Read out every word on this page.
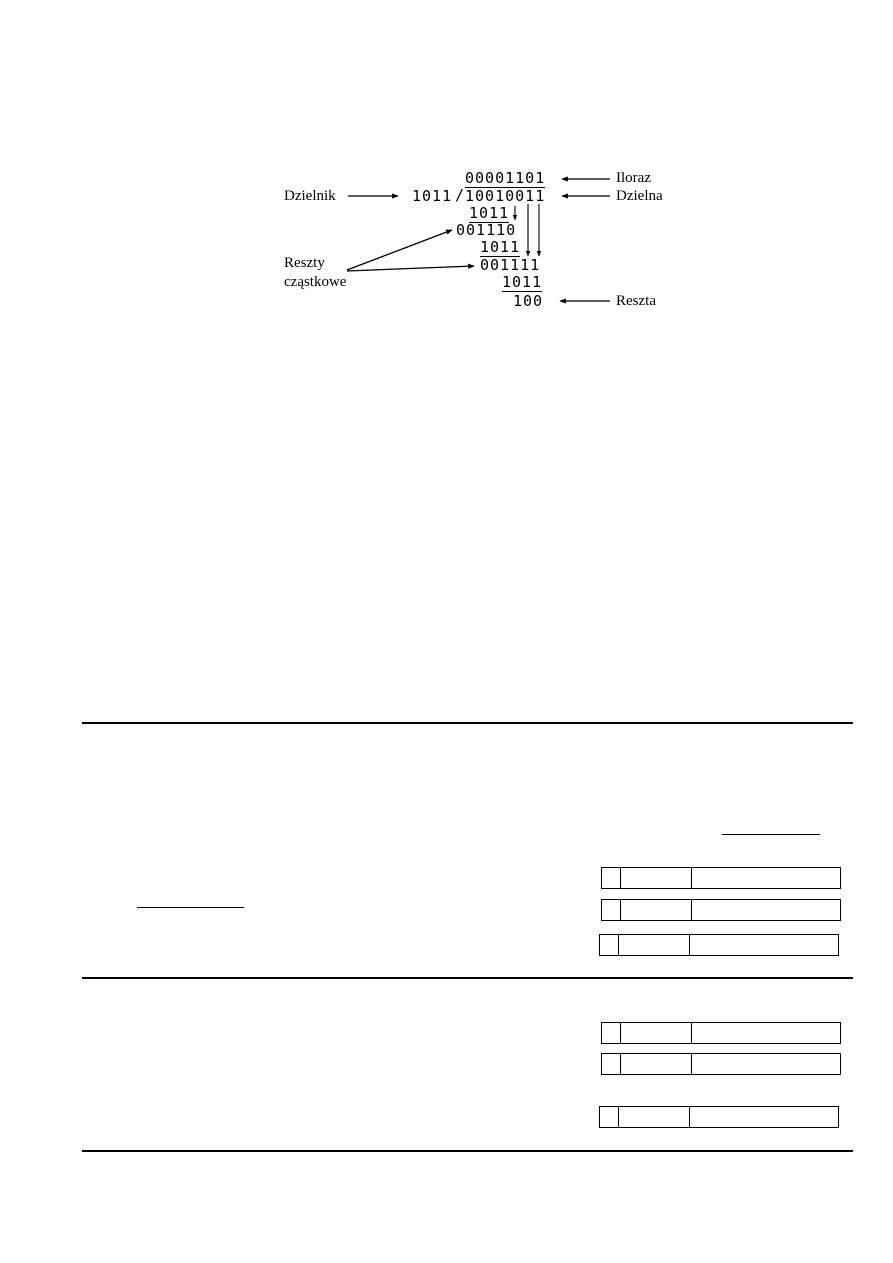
00001101
1011 / 10010011
1011
001110
1011
001111
1011
100
Dzielnik
Iloraz
Dzielna
Reszty
cząstkowe
Reszta
